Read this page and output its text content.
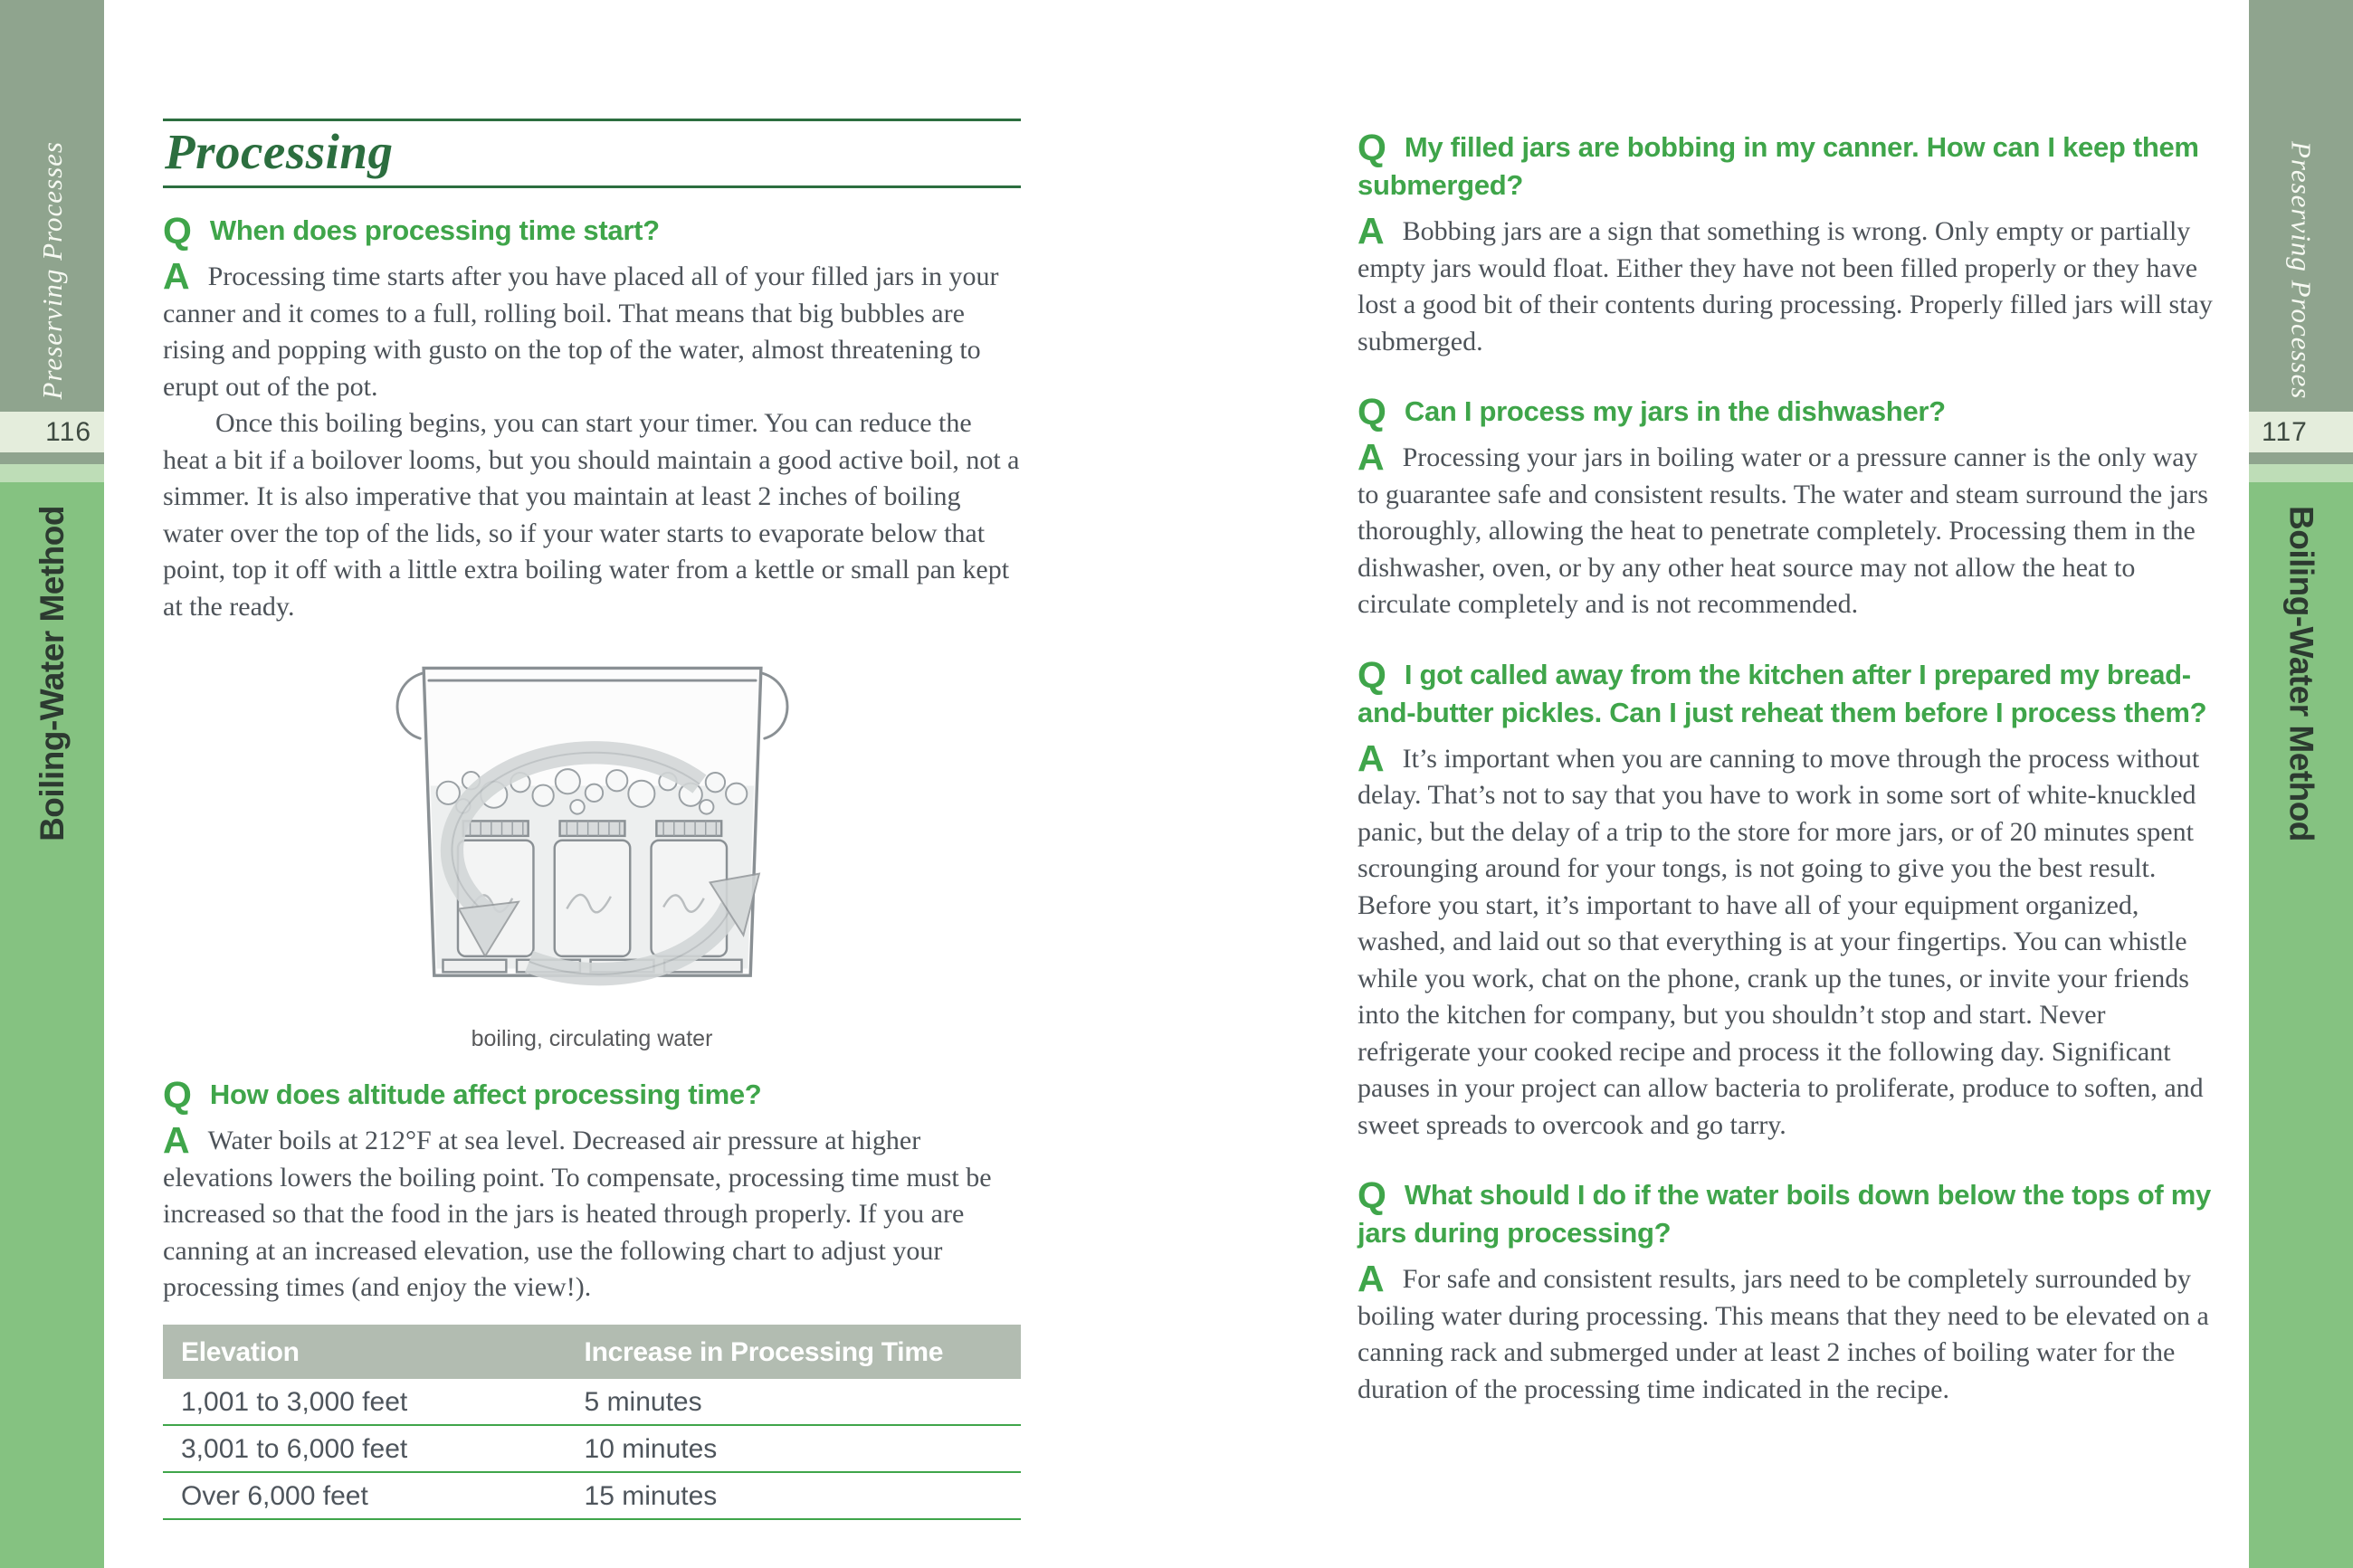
Preserving Processes
116
Boiling-Water Method
Preserving Processes
117
Boiling-Water Method
Processing
Q When does processing time start?

A Processing time starts after you have placed all of your filled jars in your canner and it comes to a full, rolling boil. That means that big bubbles are rising and popping with gusto on the top of the water, almost threatening to erupt out of the pot.

Once this boiling begins, you can start your timer. You can reduce the heat a bit if a boilover looms, but you should maintain a good active boil, not a simmer. It is also imperative that you maintain at least 2 inches of boiling water over the top of the lids, so if your water starts to evaporate below that point, top it off with a little extra boiling water from a kettle or small pan kept at the ready.

boiling, circulating water
Q How does altitude affect processing time?

A Water boils at 212°F at sea level. Decreased air pressure at higher elevations lowers the boiling point. To compensate, processing time must be increased so that the food in the jars is heated through properly. If you are canning at an increased elevation, use the following chart to adjust your processing times (and enjoy the view!).

Elevation	Increase in Processing Time
1,001 to 3,000 feet	5 minutes
3,001 to 6,000 feet	10 minutes
Over 6,000 feet	15 minutes
Q My filled jars are bobbing in my canner. How can I keep them submerged?

A Bobbing jars are a sign that something is wrong. Only empty or partially empty jars would float. Either they have not been filled properly or they have lost a good bit of their contents during processing. Properly filled jars will stay submerged.

Q Can I process my jars in the dishwasher?

A Processing your jars in boiling water or a pressure canner is the only way to guarantee safe and consistent results. The water and steam surround the jars thoroughly, allowing the heat to penetrate completely. Processing them in the dishwasher, oven, or by any other heat source may not allow the heat to circulate completely and is not recommended.

Q I got called away from the kitchen after I prepared my bread-and-butter pickles. Can I just reheat them before I process them?

A It’s important when you are canning to move through the process without delay. That’s not to say that you have to work in some sort of white-knuckled panic, but the delay of a trip to the store for more jars, or of 20 minutes spent scrounging around for your tongs, is not going to give you the best result. Before you start, it’s important to have all of your equipment organized, washed, and laid out so that everything is at your fingertips. You can whistle while you work, chat on the phone, crank up the tunes, or invite your friends into the kitchen for company, but you shouldn’t stop and start. Never refrigerate your cooked recipe and process it the following day. Significant pauses in your project can allow bacteria to proliferate, produce to soften, and sweet spreads to overcook and go tarry.

Q What should I do if the water boils down below the tops of my jars during processing?

A For safe and consistent results, jars need to be completely surrounded by boiling water during processing. This means that they need to be elevated on a canning rack and submerged under at least 2 inches of boiling water for the duration of the processing time indicated in the recipe.
